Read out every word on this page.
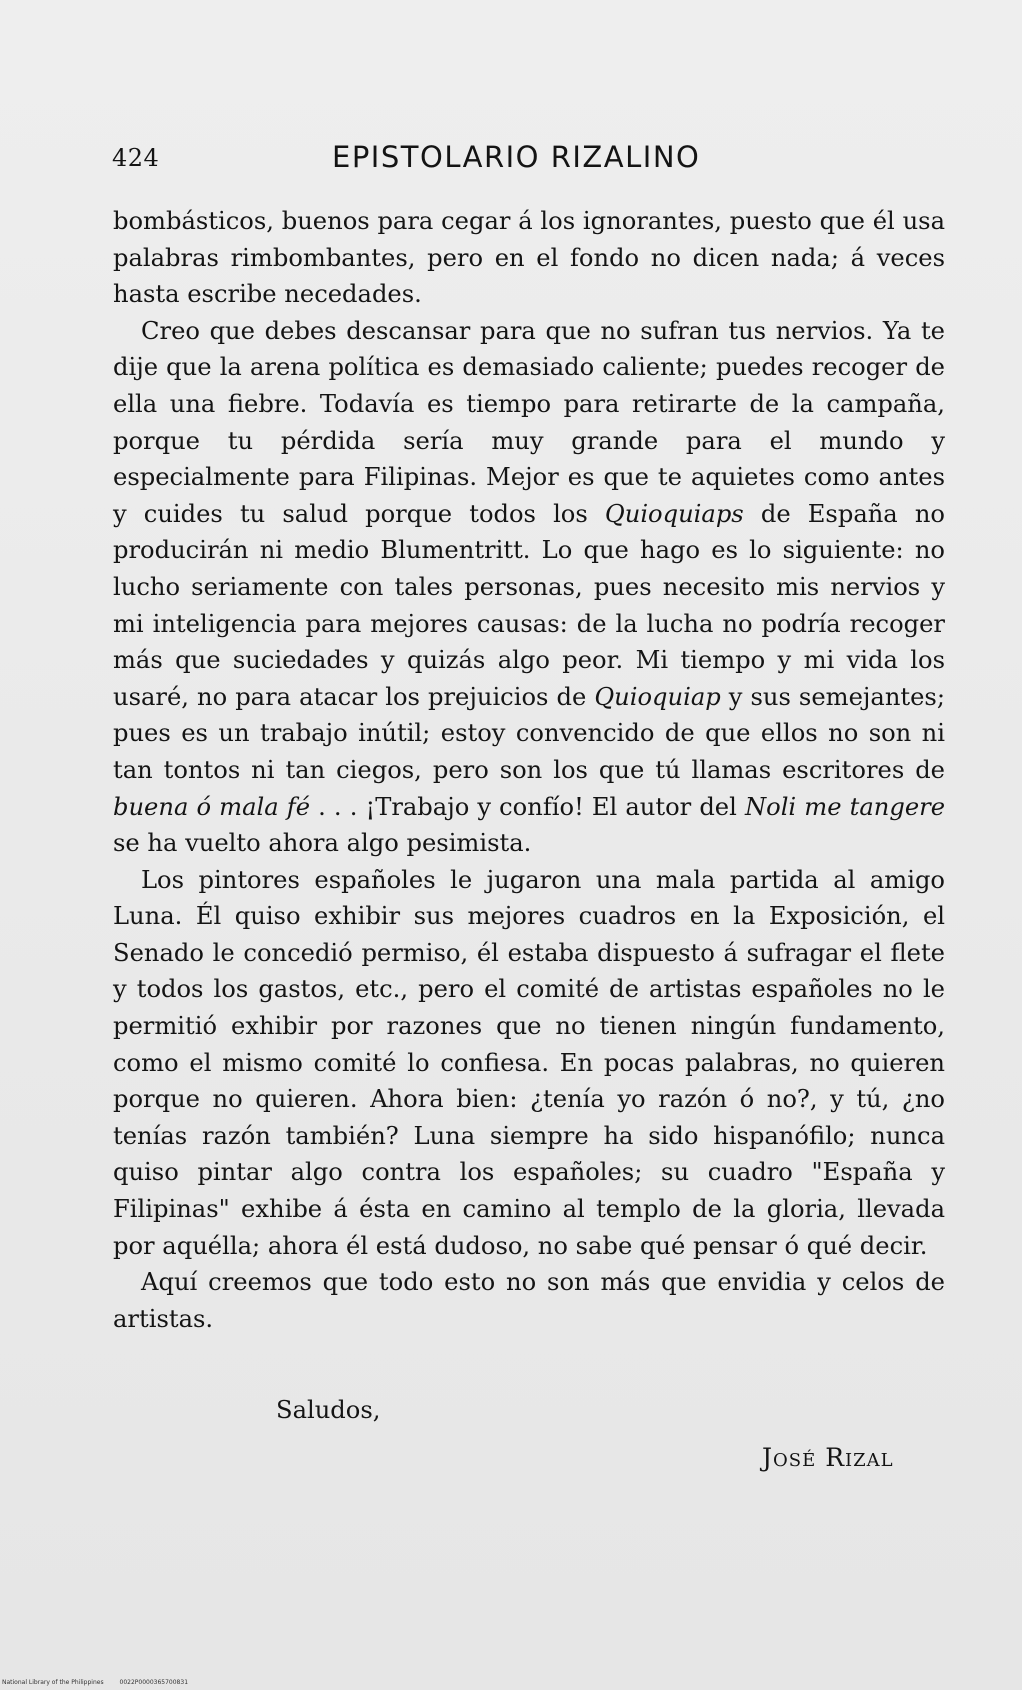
424	EPISTOLARIO RIZALINO

bombásticos, buenos para cegar á los ignorantes, puesto que él usa palabras rimbombantes, pero en el fondo no dicen nada; á veces hasta escribe necedades.

Creo que debes descansar para que no sufran tus nervios. Ya te dije que la arena política es demasiado caliente; puedes recoger de ella una fiebre. Todavía es tiempo para retirarte de la campaña, porque tu pérdida sería muy grande para el mundo y especialmente para Filipinas. Mejor es que te aquietes como antes y cuides tu salud porque todos los Quioquiaps de España no producirán ni medio Blumentritt. Lo que hago es lo siguiente: no lucho seriamente con tales personas, pues necesito mis nervios y mi inteligencia para mejores causas: de la lucha no podría recoger más que suciedades y quizás algo peor. Mi tiempo y mi vida los usaré, no para atacar los prejuicios de Quioquiap y sus semejantes; pues es un trabajo inútil; estoy convencido de que ellos no son ni tan tontos ni tan ciegos, pero son los que tú llamas escritores de buena ó mala fé . . . ¡Trabajo y confío! El autor del Noli me tangere se ha vuelto ahora algo pesimista.

Los pintores españoles le jugaron una mala partida al amigo Luna. Él quiso exhibir sus mejores cuadros en la Exposición, el Senado le concedió permiso, él estaba dispuesto á sufragar el flete y todos los gastos, etc., pero el comité de artistas españoles no le permitió exhibir por razones que no tienen ningún fundamento, como el mismo comité lo confiesa. En pocas palabras, no quieren porque no quieren. Ahora bien: ¿tenía yo razón ó no?, y tú, ¿no tenías razón también? Luna siempre ha sido hispanófilo; nunca quiso pintar algo contra los españoles; su cuadro "España y Filipinas" exhibe á ésta en camino al templo de la gloria, llevada por aquélla; ahora él está dudoso, no sabe qué pensar ó qué decir.

Aquí creemos que todo esto no son más que envidia y celos de artistas.

Saludos,
José Rizal
National Library of the Philippines	0022P0000365700831
